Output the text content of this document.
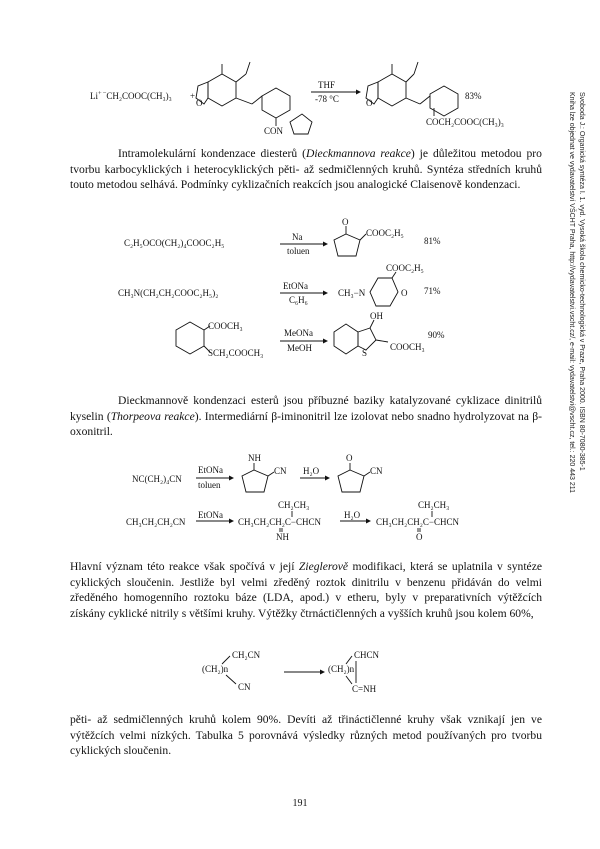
Li+−CH₂COOC(CH₃)₃ +
O
CON
THF
-78 °C	O
83%
COCH₂COOC(CH₃)₃
Intramolekulární kondenzace diesterů (Dieckmannova reakce) je důležitou metodou pro tvorbu karbocyklických i heterocyklických pěti- až sedmičlenných kruhů. Syntéza středních kruhů touto metodou selhává. Podmínky cyklizačních reakcích jsou analogické Claisenově kondenzaci.
C₂H₅OCO(CH₂)₄COOC₂H₅
Na
toluen
O
COOC₂H₅
81%
CH₃N(CH₂CH₂COOC₂H₅)₂
EtONa
C₆H₆
CH₃−N
COOC₂H₅
O 71%
COOCH₃
SCH₂COOCH₃
MeONa
MeOH
OH
S
COOCH₃
90%
Dieckmannově kondenzaci esterů jsou příbuzné baziky katalyzované cyklizace dinitrilů kyselin (Thorpeova reakce). Intermediární β-iminonitril lze izolovat nebo snadno hydrolyzovat na β-oxonitril.
NC(CH₂)₄CN
EtONa
toluen
NH
CN H₂O
O
CN
CH₃CH₂CH₂CN
EtONa
CH₂CH₃
CH₃CH₂CH₂C−CHCN
NH
H₂O
CH₂CH₃
CH₃CH₂CH₂C−CHCN
O
Hlavní význam této reakce však spočívá v její Zieglerově modifikaci, která se uplatnila v syntéze cyklických sloučenin. Jestliže byl velmi zředěný roztok dinitrilu v benzenu přidáván do velmi zředěného homogenního roztoku báze (LDA, apod.) v etheru, byly v preparativních výtěžcích získány cyklické nitrily s většími kruhy. Výtěžky čtrnáctičlenných a vyšších kruhů jsou kolem 60%,
CH₂CN
(CH₂)n
CN
CHCN
(CH₂)n
C=NH
pěti- až sedmičlenných kruhů kolem 90%. Devíti až třináctičlenné kruhy však vznikají jen ve výtěžcích velmi nízkých. Tabulka 5 porovnává výsledky různých metod používaných pro tvorbu cyklických sloučenin.
Svoboda J.: Organická syntéza I. 1. vyd. Vysoká škola chemicko-technologická v Praze, Praha 2000. ISBN 80-7080-385-1
Kniha lze objednat ve vydavatelství VŠCHT Praha, http://vydavatelstvi.vscht.cz/, e-mail: vydavatelstvi@vscht.cz, tel.: 220 443 211
191
